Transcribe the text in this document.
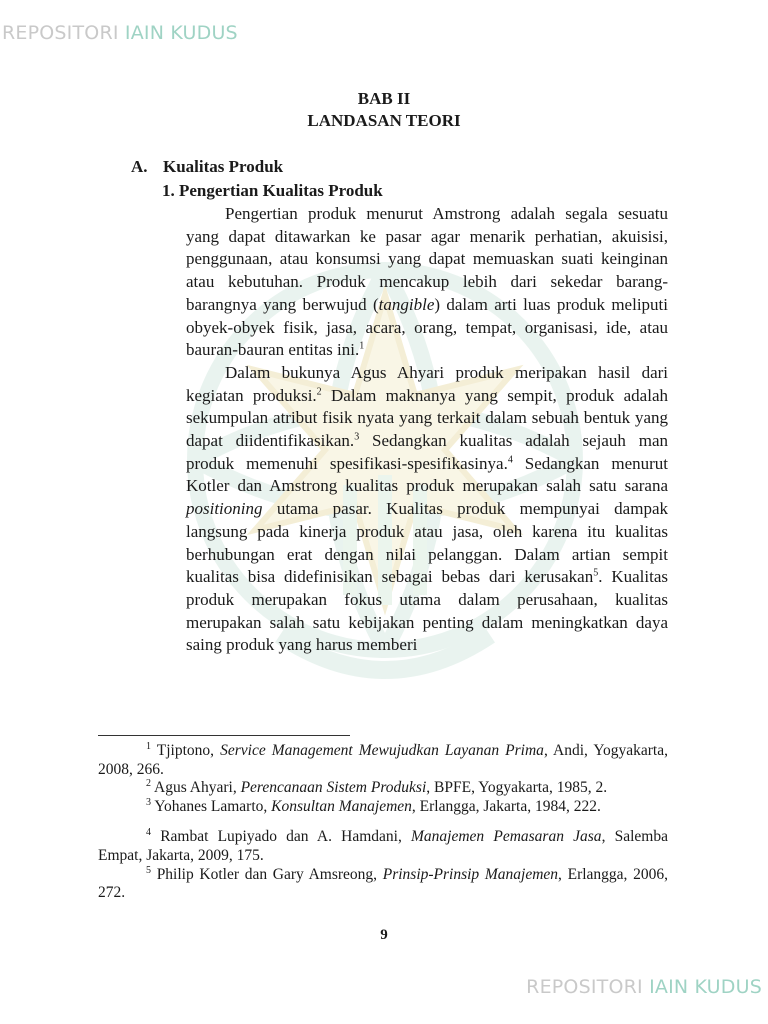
REPOSITORI IAIN KUDUS
BAB II
LANDASAN TEORI
A. Kualitas Produk
1. Pengertian Kualitas Produk

Pengertian produk menurut Amstrong adalah segala sesuatu yang dapat ditawarkan ke pasar agar menarik perhatian, akuisisi, penggunaan, atau konsumsi yang dapat memuaskan suati keinginan atau kebutuhan. Produk mencakup lebih dari sekedar barang-barangnya yang berwujud (tangible) dalam arti luas produk meliputi obyek-obyek fisik, jasa, acara, orang, tempat, organisasi, ide, atau bauran-bauran entitas ini.$^1$

Dalam bukunya Agus Ahyari produk meripakan hasil dari kegiatan produksi.$^2$ Dalam maknanya yang sempit, produk adalah sekumpulan atribut fisik nyata yang terkait dalam sebuah bentuk yang dapat diidentifikasikan.$^3$ Sedangkan kualitas adalah sejauh man produk memenuhi spesifikasi-spesifikasinya.$^4$ Sedangkan menurut Kotler dan Amstrong kualitas produk merupakan salah satu sarana positioning utama pasar. Kualitas produk mempunyai dampak langsung pada kinerja produk atau jasa, oleh karena itu kualitas berhubungan erat dengan nilai pelanggan. Dalam artian sempit kualitas bisa didefinisikan sebagai bebas dari kerusakan$^5$. Kualitas produk merupakan fokus utama dalam perusahaan, kualitas merupakan salah satu kebijakan penting dalam meningkatkan daya saing produk yang harus memberi

$^1$ Tjiptono, Service Management Mewujudkan Layanan Prima, Andi, Yogyakarta, 2008, 266.

$^2$ Agus Ahyari, Perencanaan Sistem Produksi, BPFE, Yogyakarta, 1985, 2.

$^3$ Yohanes Lamarto, Konsultan Manajemen, Erlangga, Jakarta, 1984, 222.

$^4$ Rambat Lupiyado dan A. Hamdani, Manajemen Pemasaran Jasa, Salemba Empat, Jakarta, 2009, 175.

$^5$ Philip Kotler dan Gary Amsreong, Prinsip-Prinsip Manajemen, Erlangga, 2006, 272.

9
REPOSITORI IAIN KUDUS
